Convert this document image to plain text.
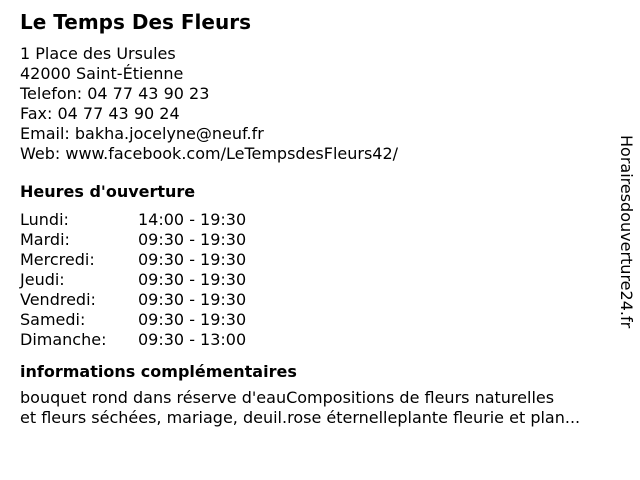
Le Temps Des Fleurs
1 Place des Ursules
42000 Saint-Étienne
Telefon: 04 77 43 90 23
Fax: 04 77 43 90 24
Email: bakha.jocelyne@neuf.fr
Web: www.facebook.com/LeTempsdesFleurs42/
Heures d'ouverture
Lundi:	14:00 - 19:30
Mardi:	09:30 - 19:30
Mercredi:	09:30 - 19:30
Jeudi:	09:30 - 19:30
Vendredi:	09:30 - 19:30
Samedi:	09:30 - 19:30
Dimanche:	09:30 - 13:00
informations complémentaires
bouquet rond dans réserve d'eauCompositions de fleurs naturelles
et fleurs séchées, mariage, deuil.rose éternelleplante fleurie et plan...
Horairesdouverture24.fr
